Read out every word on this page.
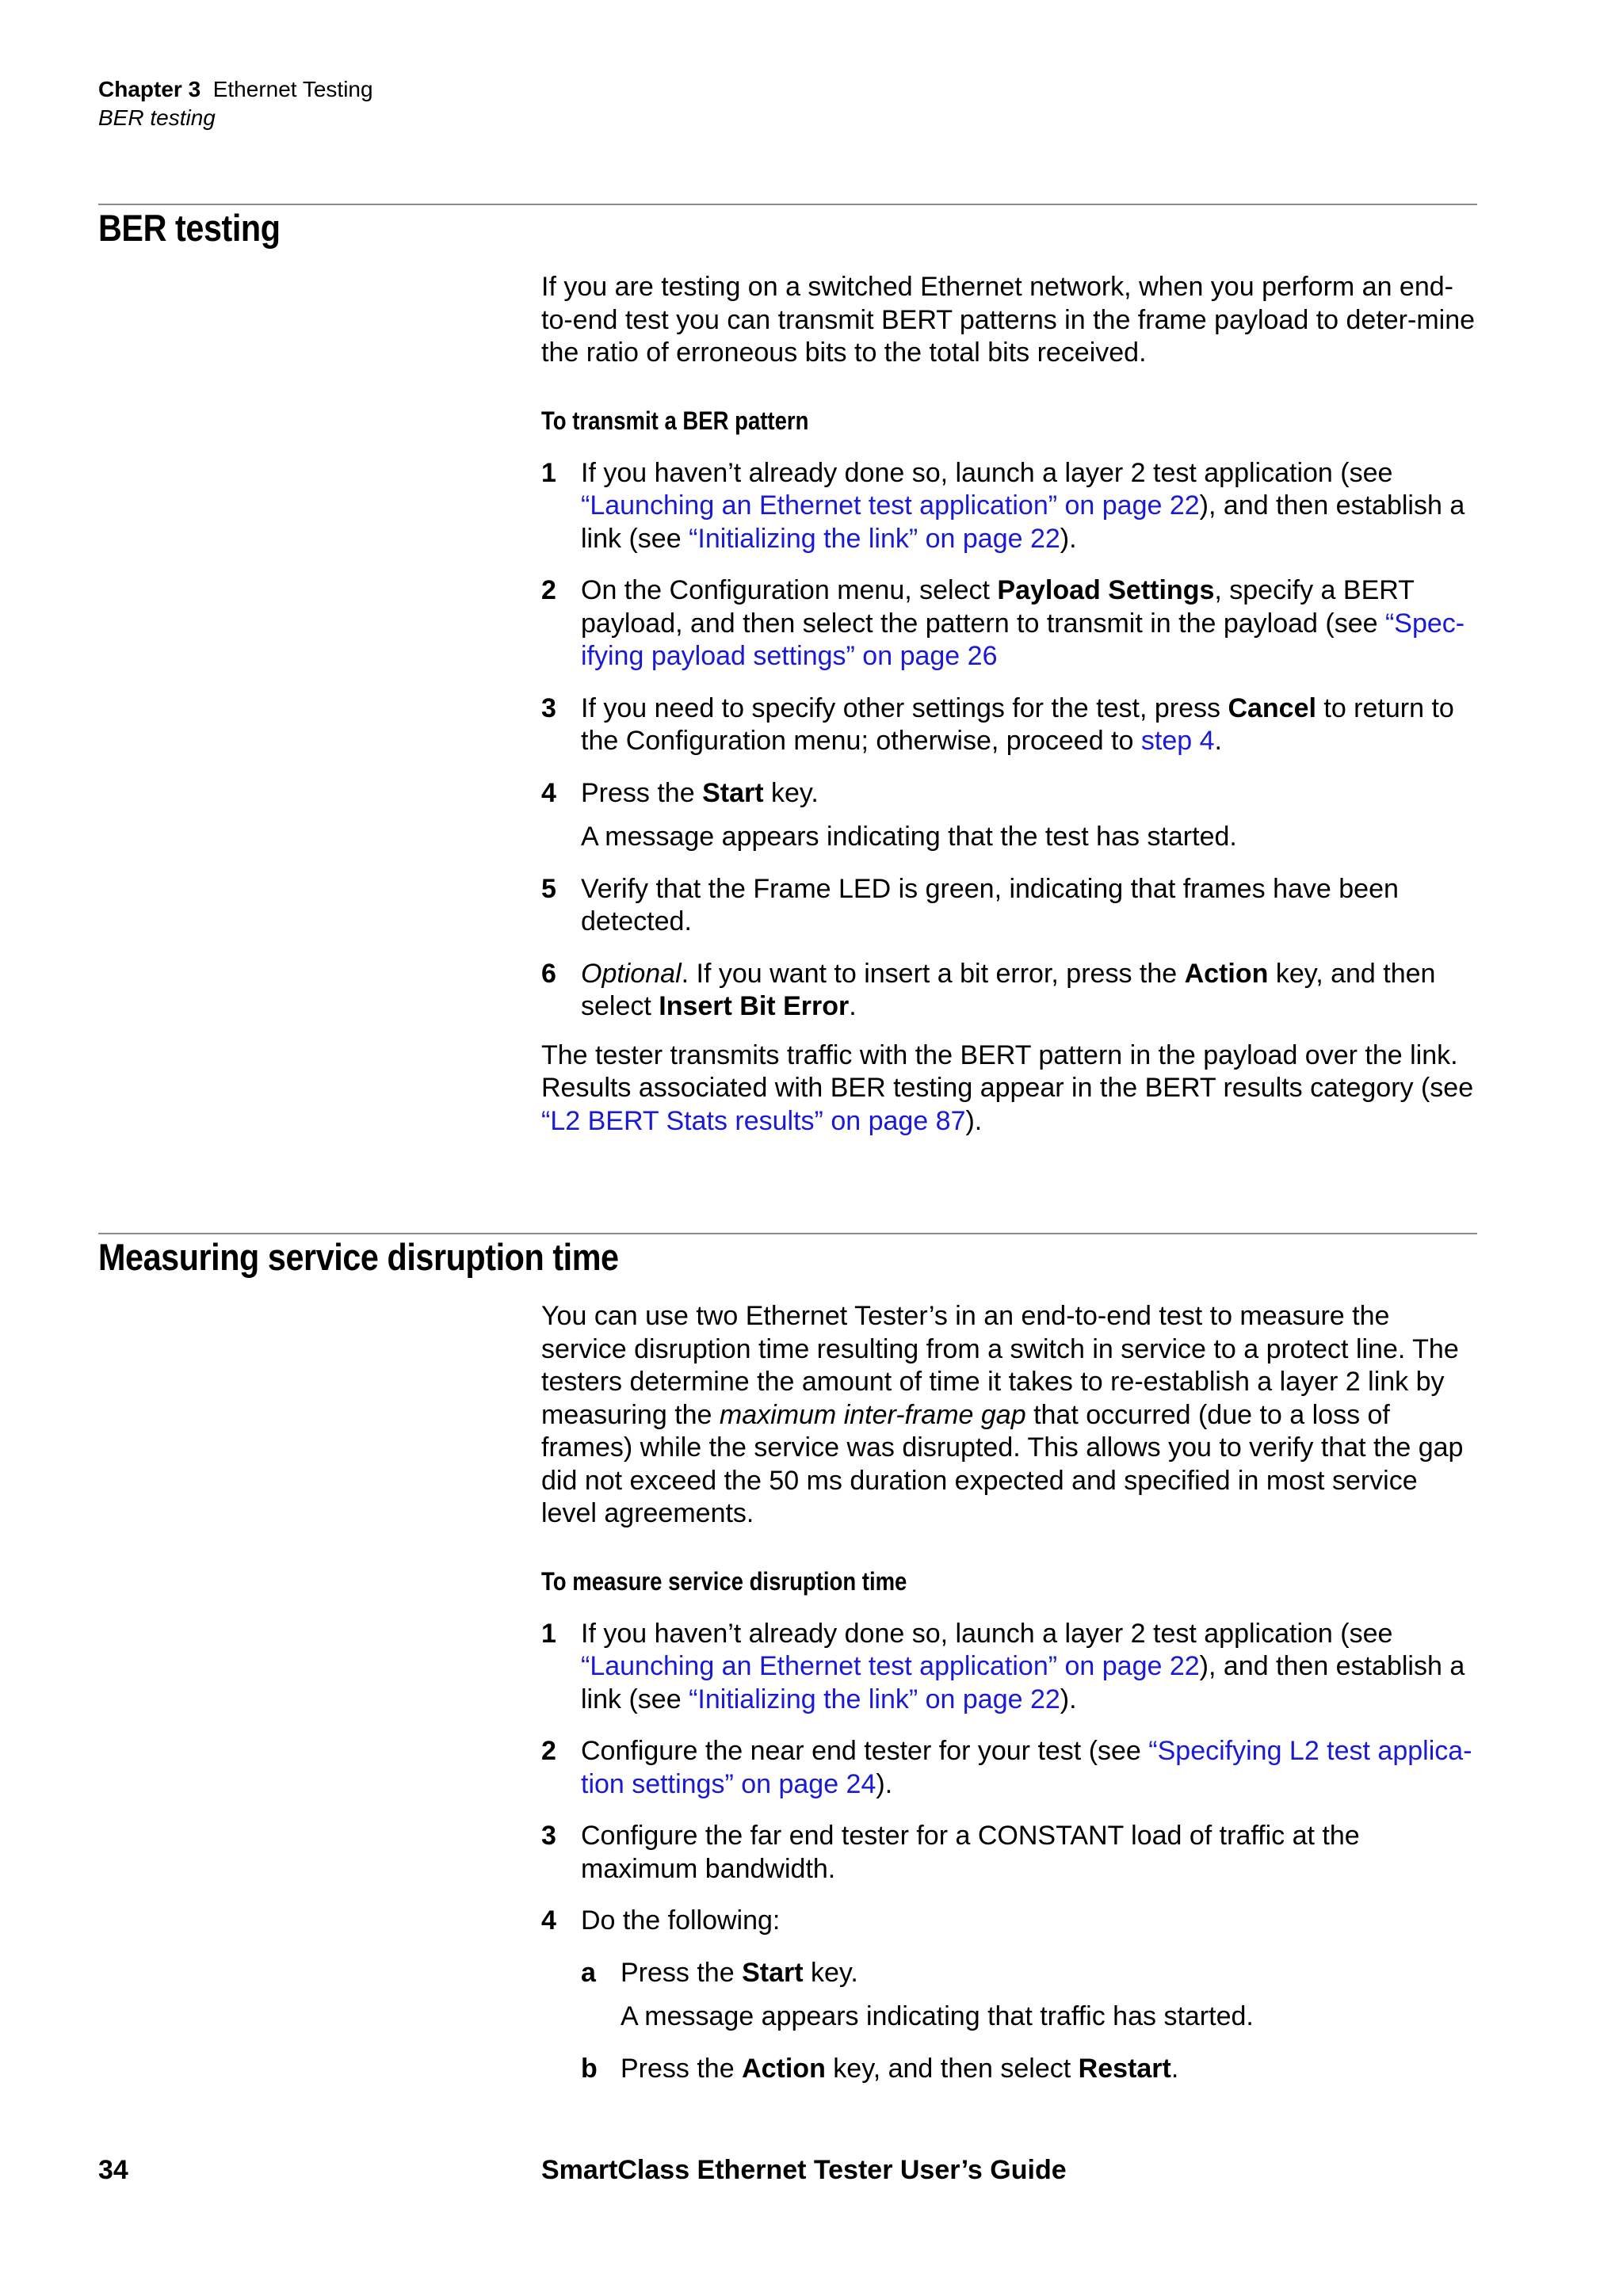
Chapter 3 Ethernet Testing
BER testing
BER testing

If you are testing on a switched Ethernet network, when you perform an end-to-end test you can transmit BERT patterns in the frame payload to deter-mine the ratio of erroneous bits to the total bits received.

To transmit a BER pattern
1 If you haven’t already done so, launch a layer 2 test application (see “Launching an Ethernet test application” on page 22), and then establish a link (see “Initializing the link” on page 22).
2 On the Configuration menu, select Payload Settings, specify a BERT payload, and then select the pattern to transmit in the payload (see “Spec-ifying payload settings” on page 26
3 If you need to specify other settings for the test, press Cancel to return to the Configuration menu; otherwise, proceed to step 4.
4 Press the Start key.
A message appears indicating that the test has started.
5 Verify that the Frame LED is green, indicating that frames have been detected.
6 Optional. If you want to insert a bit error, press the Action key, and then select Insert Bit Error.

The tester transmits traffic with the BERT pattern in the payload over the link. Results associated with BER testing appear in the BERT results category (see “L2 BERT Stats results” on page 87).

Measuring service disruption time

You can use two Ethernet Tester’s in an end-to-end test to measure the service disruption time resulting from a switch in service to a protect line. The testers determine the amount of time it takes to re-establish a layer 2 link by measuring the maximum inter-frame gap that occurred (due to a loss of frames) while the service was disrupted. This allows you to verify that the gap did not exceed the 50 ms duration expected and specified in most service level agreements.

To measure service disruption time
1 If you haven’t already done so, launch a layer 2 test application (see “Launching an Ethernet test application” on page 22), and then establish a link (see “Initializing the link” on page 22).
2 Configure the near end tester for your test (see “Specifying L2 test applica-tion settings” on page 24).
3 Configure the far end tester for a CONSTANT load of traffic at the maximum bandwidth.
4 Do the following:
a Press the Start key.
A message appears indicating that traffic has started.
b Press the Action key, and then select Restart.
34	SmartClass Ethernet Tester User’s Guide
